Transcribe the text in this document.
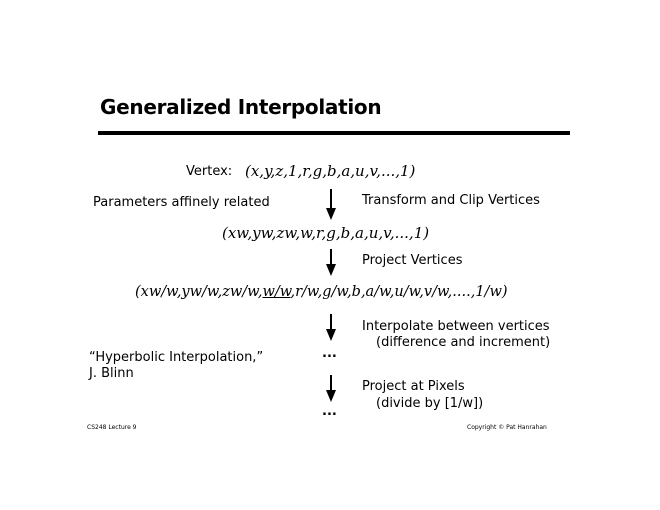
Generalized Interpolation
Vertex: (x,y,z,1,r,g,b,a,u,v,...,1)
Parameters affinely related	Transform and Clip Vertices
(xw,yw,zw,w,r,g,b,a,u,v,...,1)
Project Vertices
(xw/w,yw/w,zw/w,w/w,r/w,g/w,b,a/w,u/w,v/w,....,1/w)
Interpolate between vertices
(difference and increment)
“Hyperbolic Interpolation,”
J. Blinn
...
Project at Pixels
(divide by [1/w])
...
CS248 Lecture 9	Copyright © Pat Hanrahan
